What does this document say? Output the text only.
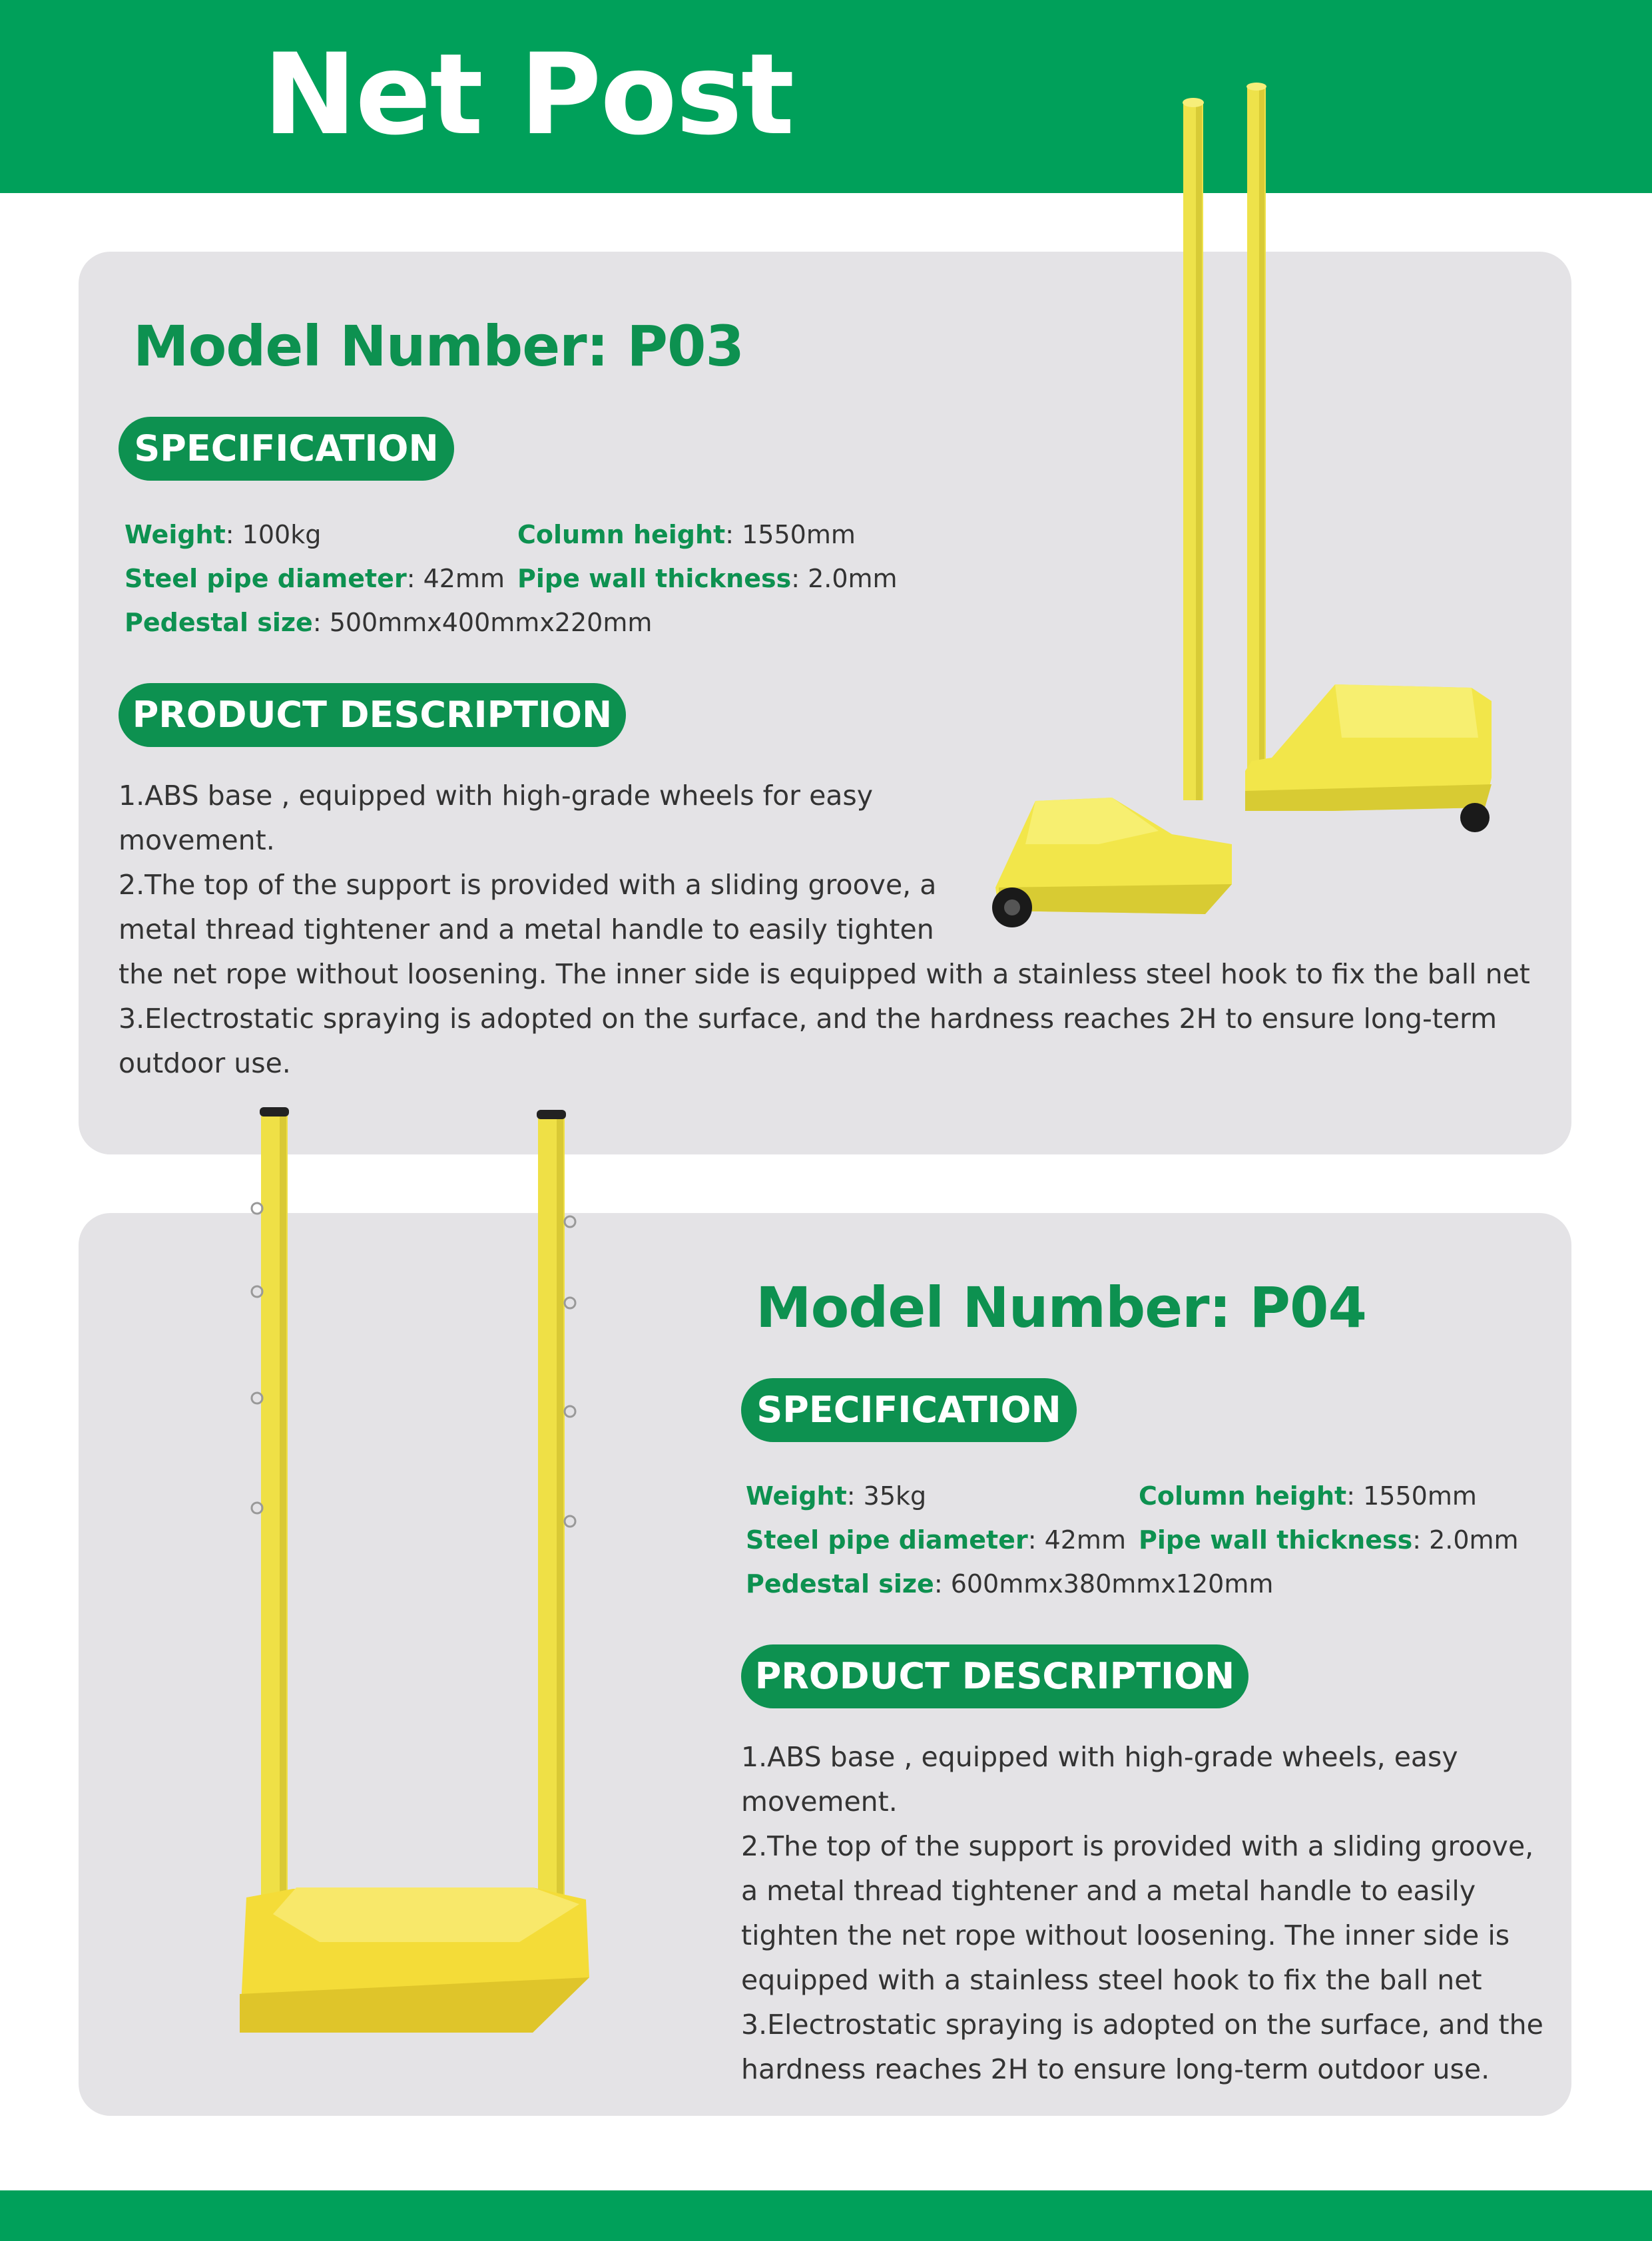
Net Post
Model Number: P03
SPECIFICATION
Weight: 100kg	Column height: 1550mm
Steel pipe diameter: 42mm Pipe wall thickness: 2.0mm
Pedestal size: 500mmx400mmx220mm
PRODUCT DESCRIPTION
1.ABS base , equipped with high-grade wheels for easy
movement.
2.The top of the support is provided with a sliding groove, a
metal thread tightener and a metal handle to easily tighten
the net rope without loosening. The inner side is equipped with a stainless steel hook to fix the ball net
3.Electrostatic spraying is adopted on the surface, and the hardness reaches 2H to ensure long-term
outdoor use.
Model Number: P04
SPECIFICATION
Weight: 35kg	Column height: 1550mm
Steel pipe diameter: 42mm Pipe wall thickness: 2.0mm
Pedestal size: 600mmx380mmx120mm
PRODUCT DESCRIPTION
1.ABS base , equipped with high-grade wheels, easy
movement.
2.The top of the support is provided with a sliding groove,
a metal thread tightener and a metal handle to easily
tighten the net rope without loosening. The inner side is
equipped with a stainless steel hook to fix the ball net
3.Electrostatic spraying is adopted on the surface, and the
hardness reaches 2H to ensure long-term outdoor use.
